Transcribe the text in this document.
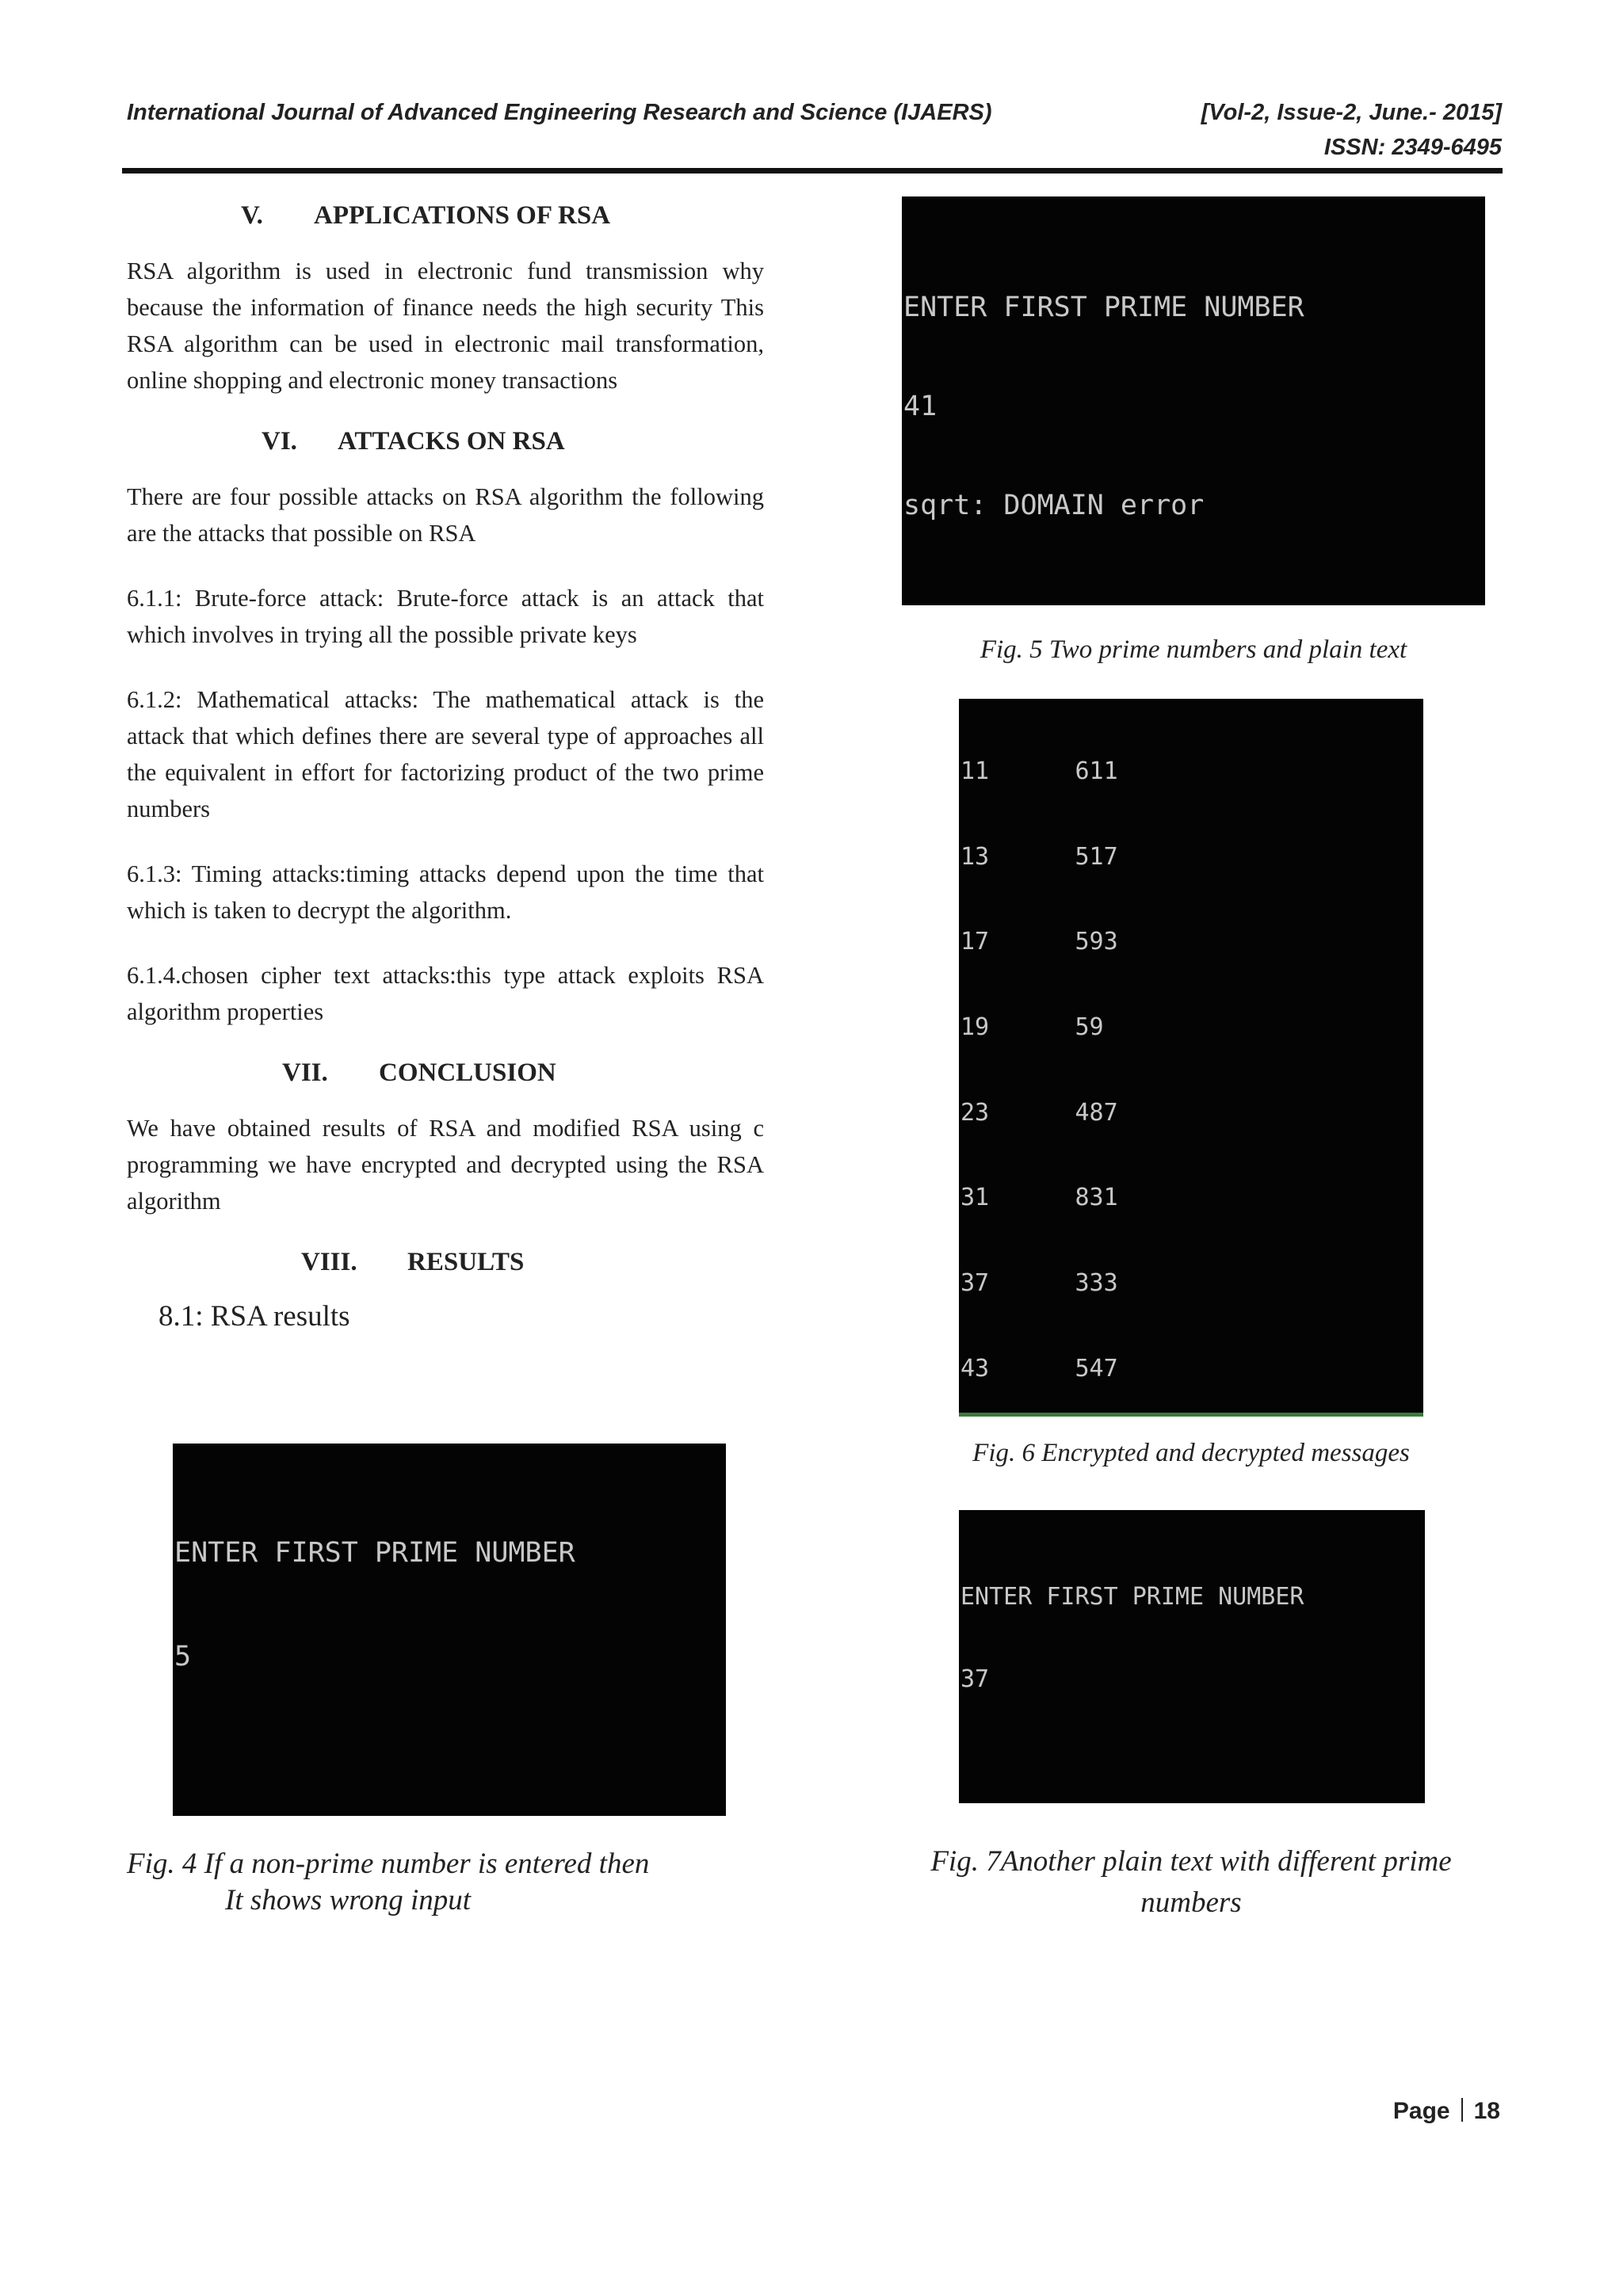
International Journal of Advanced Engineering Research and Science (IJAERS)	[Vol-2, Issue-2, June.- 2015]
ISSN: 2349-6495
V. APPLICATIONS OF RSA

RSA algorithm is used in electronic fund transmission why because the information of finance needs the high security This RSA algorithm can be used in electronic mail transformation, online shopping and electronic money transactions

VI. ATTACKS ON RSA

There are four possible attacks on RSA algorithm the following are the attacks that possible on RSA

6.1.1: Brute-force attack: Brute-force attack is an attack that which involves in trying all the possible private keys

6.1.2: Mathematical attacks: The mathematical attack is the attack that which defines there are several type of approaches all the equivalent in effort for factorizing product of the two prime numbers

6.1.3: Timing attacks:timing attacks depend upon the time that which is taken to decrypt the algorithm.

6.1.4.chosen cipher text attacks:this type attack exploits RSA algorithm properties

VII. CONCLUSION

We have obtained results of RSA and modified RSA using c programming we have encrypted and decrypted using the RSA algorithm

VIII. RESULTS
8.1: RSA results

ENTER FIRST PRIME NUMBER

5

Fig. 4 If a non-prime number is entered then
It shows wrong input

ENTER FIRST PRIME NUMBER

41

sqrt: DOMAIN error

Fig. 5 Two prime numbers and plain text

11      611

13      517

17      593

19      59

23      487

31      831

37      333

43      547

Fig. 6 Encrypted and decrypted messages

ENTER FIRST PRIME NUMBER

37

Fig. 7Another plain text with different prime
numbers
Page 18
